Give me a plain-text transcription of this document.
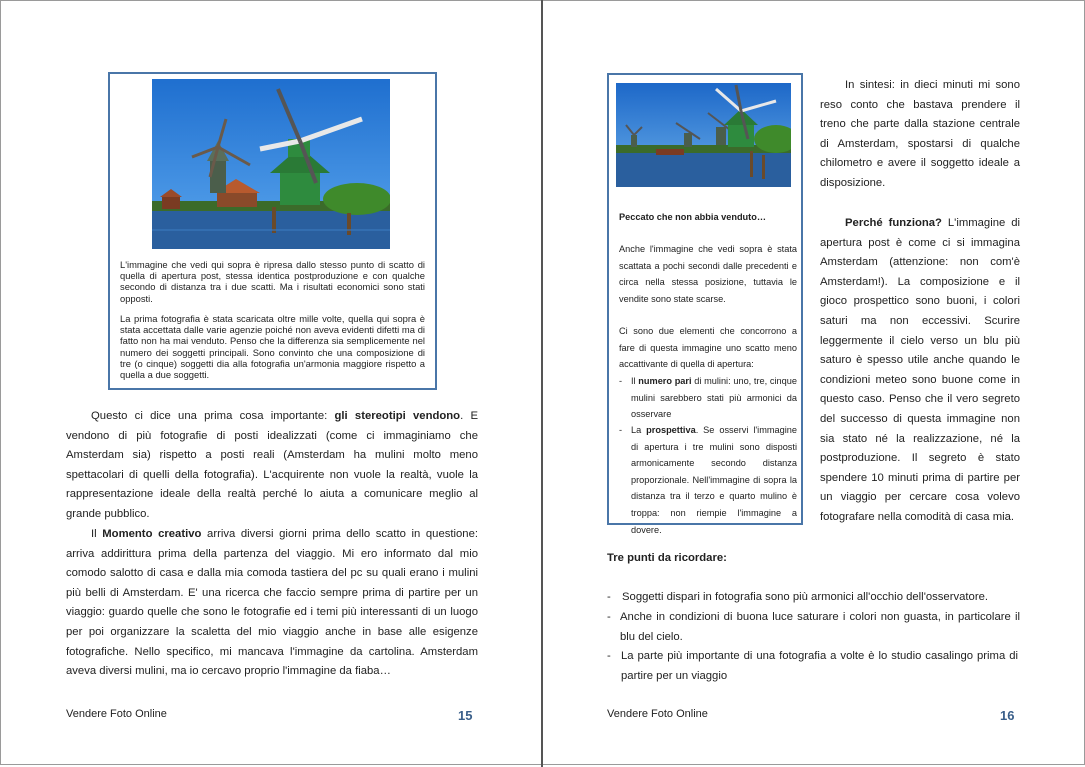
L'immagine che vedi qui sopra è ripresa dallo stesso punto di scatto di quella di apertura post, stessa identica postproduzione e con qualche secondo di distanza tra i due scatti. Ma i risultati economici sono stati opposti.
La prima fotografia è stata scaricata oltre mille volte, quella qui sopra è stata accettata dalle varie agenzie poiché non aveva evidenti difetti ma di fatto non ha mai venduto. Penso che la differenza sia semplicemente nel numero dei soggetti principali. Sono convinto che una composizione di tre (o cinque) soggetti dia alla fotografia un'armonia maggiore rispetto a quella a due soggetti.
Questo ci dice una prima cosa importante: gli stereotipi vendono. E vendono di più fotografie di posti idealizzati (come ci immaginiamo che Amsterdam sia) rispetto a posti reali (Amsterdam ha mulini molto meno spettacolari di quelli della fotografia). L'acquirente non vuole la realtà, vuole la rappresentazione ideale della realtà perché lo aiuta a comunicare meglio al grande pubblico.
Il Momento creativo arriva diversi giorni prima dello scatto in questione: arriva addirittura prima della partenza del viaggio. Mi ero informato dal mio comodo salotto di casa e dalla mia comoda tastiera del pc su quali erano i mulini più belli di Amsterdam. E' una ricerca che faccio sempre prima di partire per un viaggio: guardo quelle che sono le fotografie ed i temi più interessanti di un luogo per poi organizzare la scaletta del mio viaggio anche in base alle esigenze fotografiche. Nello specifico, mi mancava l'immagine da cartolina. Amsterdam aveva diversi mulini, ma io cercavo proprio l'immagine da fiaba…
Vendere Foto Online	15
Peccato che non abbia venduto…
Anche l'immagine che vedi sopra è stata scattata a pochi secondi dalle precedenti e circa nella stessa posizione, tuttavia le vendite sono state scarse.
Ci sono due elementi che concorrono a fare di questa immagine uno scatto meno accattivante di quella di apertura:
- Il numero pari di mulini: uno, tre, cinque mulini sarebbero stati più armonici da osservare
- La prospettiva. Se osservi l'immagine di apertura i tre mulini sono disposti armonicamente secondo distanza proporzionale. Nell'immagine di sopra la distanza tra il terzo e quarto mulino è troppa: non riempie l'immagine a dovere.
In sintesi: in dieci minuti mi sono reso conto che bastava prendere il treno che parte dalla stazione centrale di Amsterdam, spostarsi di qualche chilometro e avere il soggetto ideale a disposizione.
Perché funziona? L'immagine di apertura post è come ci si immagina Amsterdam (attenzione: non com'è Amsterdam!). La composizione e il gioco prospettico sono buoni, i colori saturi ma non eccessivi. Scurire leggermente il cielo verso un blu più saturo è spesso utile anche quando le condizioni meteo sono buone come in questo caso. Penso che il vero segreto del successo di questa immagine non sia stato né la realizzazione, né la postproduzione. Il segreto è stato spendere 10 minuti prima di partire per un viaggio per cercare cosa volevo fotografare nella comodità di casa mia.
Tre punti da ricordare:
- Soggetti dispari in fotografia sono più armonici all'occhio dell'osservatore.
- Anche in condizioni di buona luce saturare i colori non guasta, in particolare il blu del cielo.
- La parte più importante di una fotografia a volte è lo studio casalingo prima di partire per un viaggio
Vendere Foto Online	16
